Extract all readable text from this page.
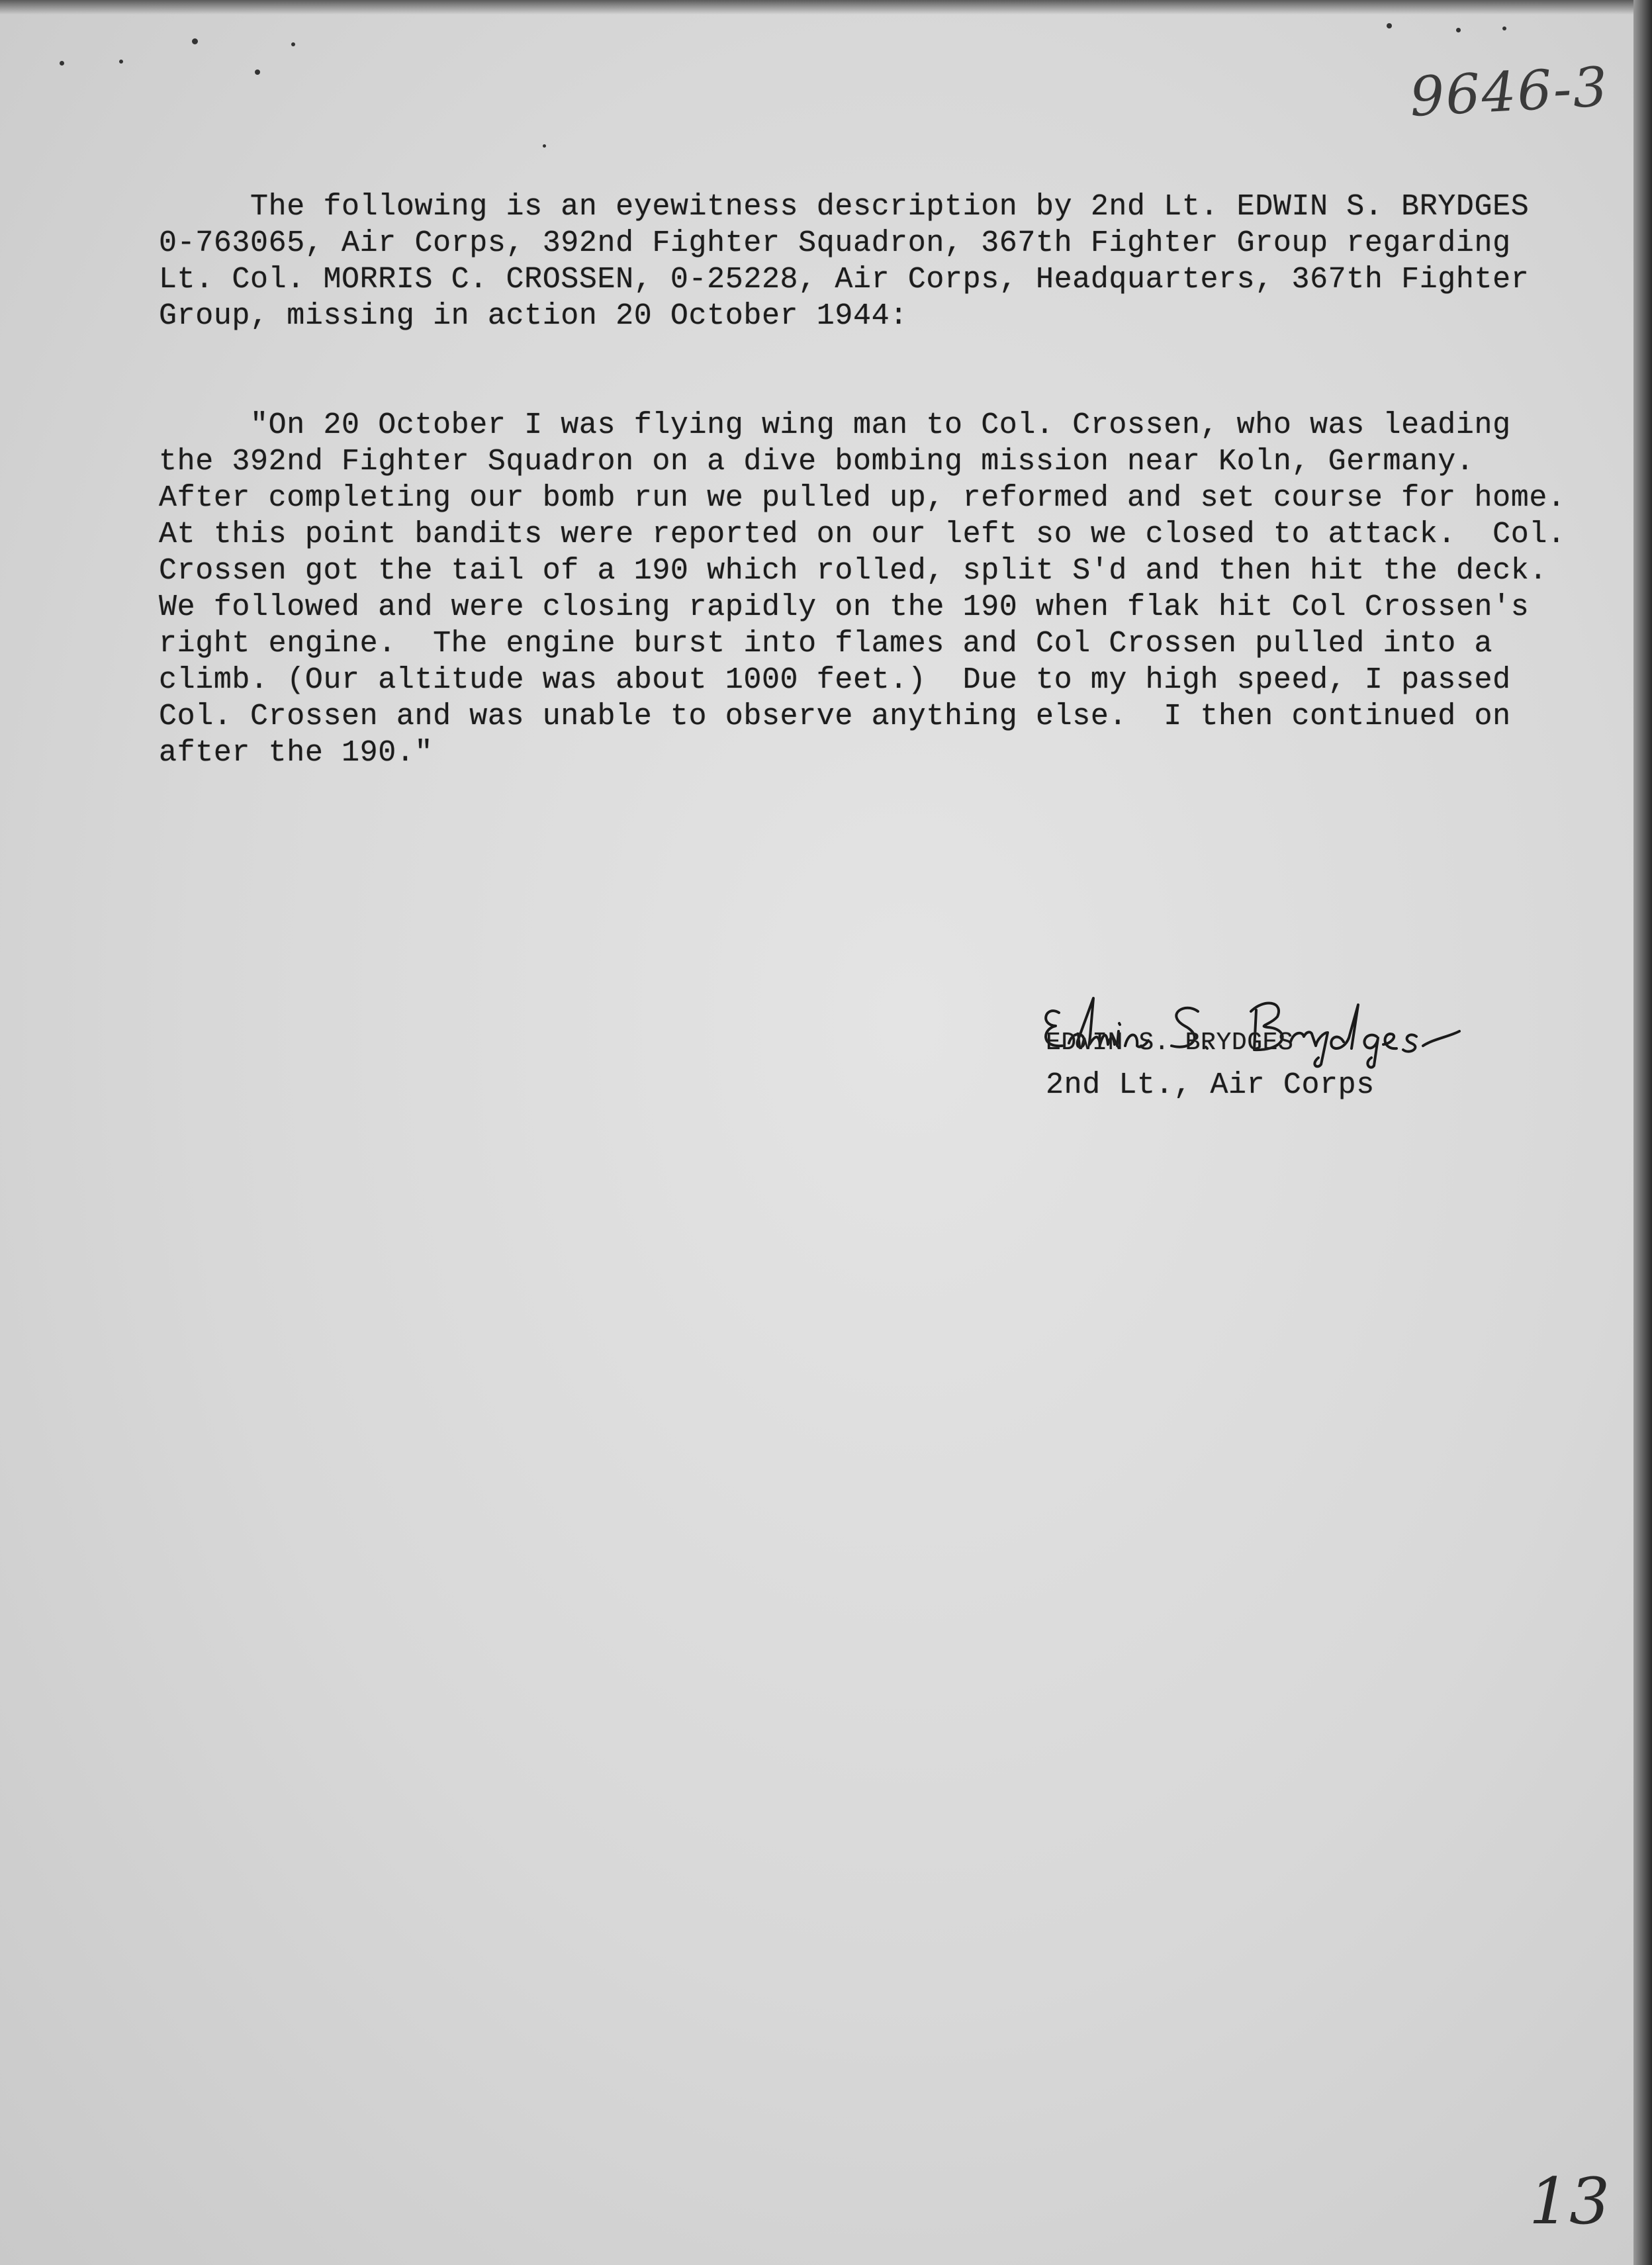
9646-3
The following is an eyewitness description by 2nd Lt. EDWIN S. BRYDGES
0-763065, Air Corps, 392nd Fighter Squadron, 367th Fighter Group regarding
Lt. Col. MORRIS C. CROSSEN, 0-25228, Air Corps, Headquarters, 367th Fighter
Group, missing in action 20 October 1944:
"On 20 October I was flying wing man to Col. Crossen, who was leading
the 392nd Fighter Squadron on a dive bombing mission near Koln, Germany.
After completing our bomb run we pulled up, reformed and set course for home.
At this point bandits were reported on our left so we closed to attack.  Col.
Crossen got the tail of a 190 which rolled, split S'd and then hit the deck.
We followed and were closing rapidly on the 190 when flak hit Col Crossen's
right engine.  The engine burst into flames and Col Crossen pulled into a
climb. (Our altitude was about 1000 feet.)  Due to my high speed, I passed
Col. Crossen and was unable to observe anything else.  I then continued on
after the 190."
EDWIN S. BRYDGES
2nd Lt., Air Corps
13
